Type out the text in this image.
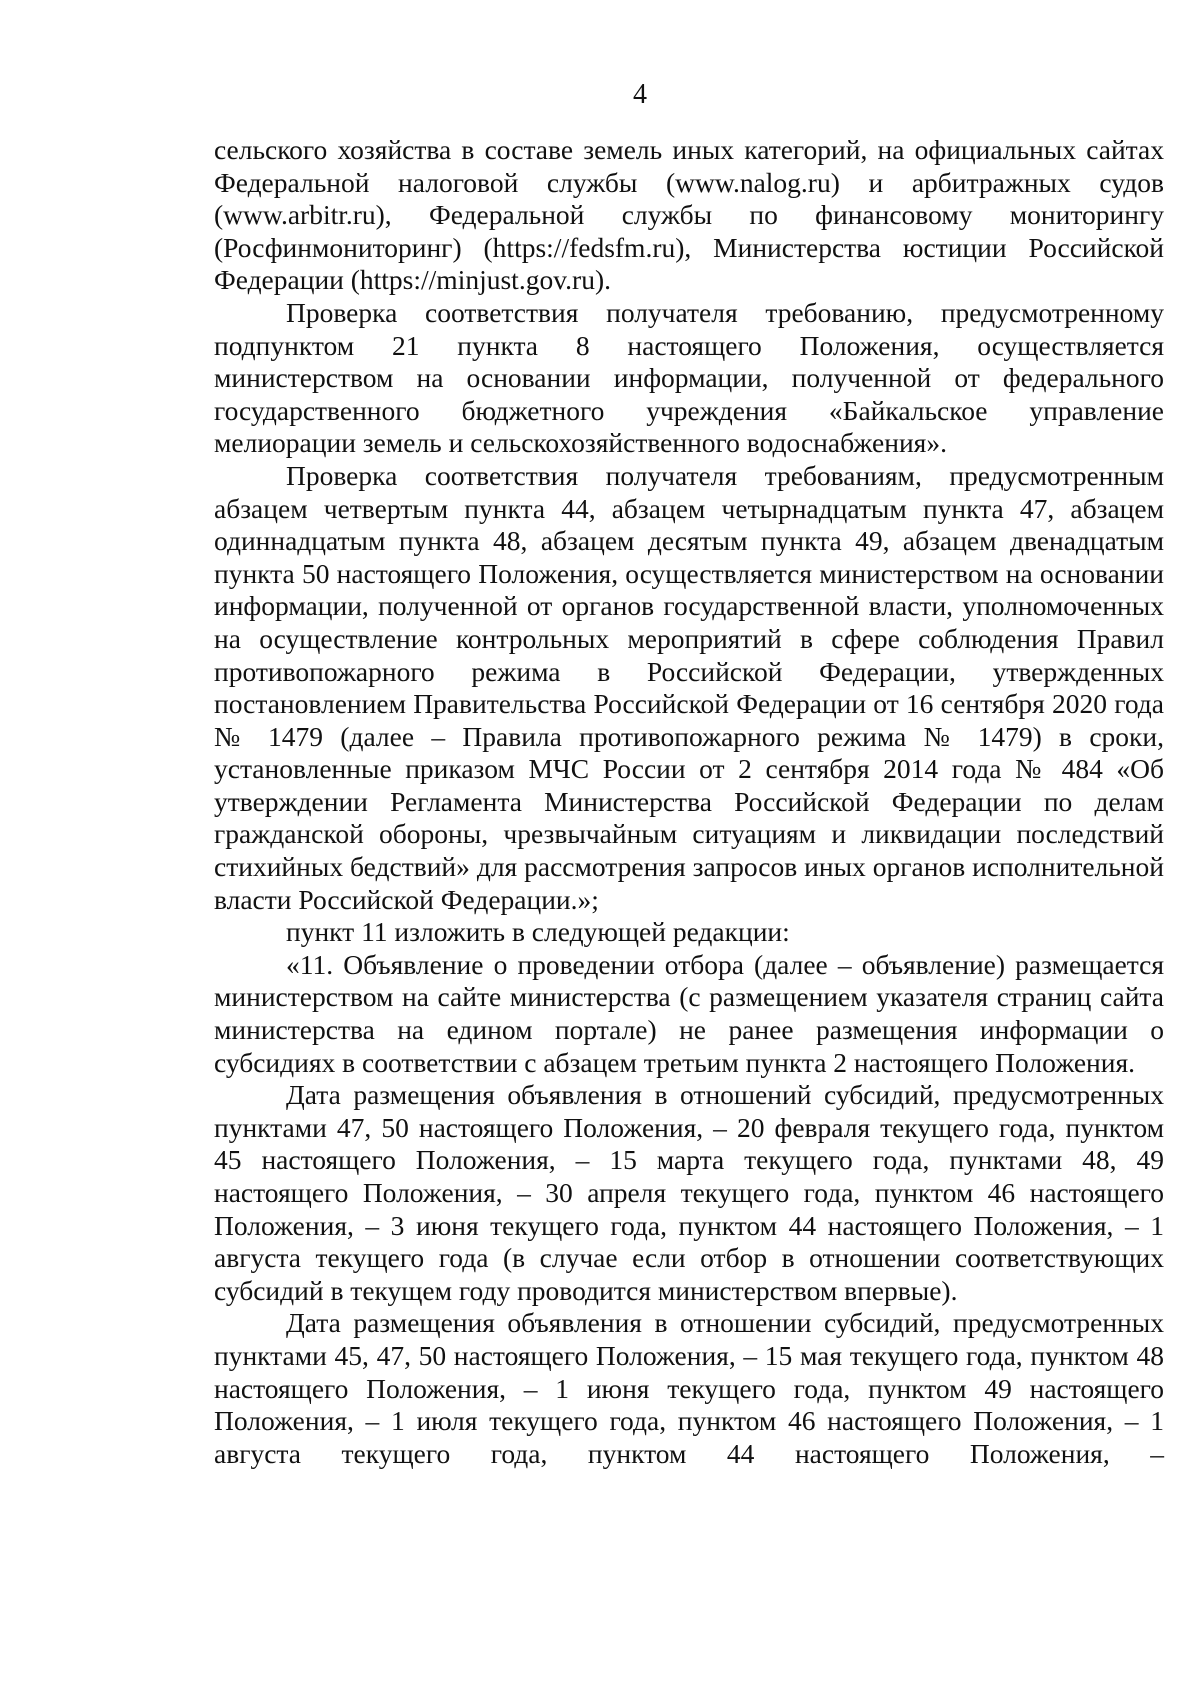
4

сельского хозяйства в составе земель иных категорий, на официальных сайтах Федеральной налоговой службы (www.nalog.ru) и арбитражных судов (www.arbitr.ru), Федеральной службы по финансовому мониторингу (Росфинмониторинг) (https://fedsfm.ru), Министерства юстиции Российской Федерации (https://minjust.gov.ru).

Проверка соответствия получателя требованию, предусмотренному подпунктом 21 пункта 8 настоящего Положения, осуществляется министерством на основании информации, полученной от федерального государственного бюджетного учреждения «Байкальское управление мелиорации земель и сельскохозяйственного водоснабжения».

Проверка соответствия получателя требованиям, предусмотренным абзацем четвертым пункта 44, абзацем четырнадцатым пункта 47, абзацем одиннадцатым пункта 48, абзацем десятым пункта 49, абзацем двенадцатым пункта 50 настоящего Положения, осуществляется министерством на основании информации, полученной от органов государственной власти, уполномоченных на осуществление контрольных мероприятий в сфере соблюдения Правил противопожарного режима в Российской Федерации, утвержденных постановлением Правительства Российской Федерации от 16 сентября 2020 года № 1479 (далее – Правила противопожарного режима № 1479) в сроки, установленные приказом МЧС России от 2 сентября 2014 года № 484 «Об утверждении Регламента Министерства Российской Федерации по делам гражданской обороны, чрезвычайным ситуациям и ликвидации последствий стихийных бедствий» для рассмотрения запросов иных органов исполнительной власти Российской Федерации.»;

пункт 11 изложить в следующей редакции:

«11. Объявление о проведении отбора (далее – объявление) размещается министерством на сайте министерства (с размещением указателя страниц сайта министерства на едином портале) не ранее размещения информации о субсидиях в соответствии с абзацем третьим пункта 2 настоящего Положения.

Дата размещения объявления в отношений субсидий, предусмотренных пунктами 47, 50 настоящего Положения, – 20 февраля текущего года, пунктом 45 настоящего Положения, – 15 марта текущего года, пунктами 48, 49 настоящего Положения, – 30 апреля текущего года, пунктом 46 настоящего Положения, – 3 июня текущего года, пунктом 44 настоящего Положения, – 1 августа текущего года (в случае если отбор в отношении соответствующих субсидий в текущем году проводится министерством впервые).

Дата размещения объявления в отношении субсидий, предусмотренных пунктами 45, 47, 50 настоящего Положения, – 15 мая текущего года, пунктом 48 настоящего Положения, – 1 июня текущего года, пунктом 49 настоящего Положения, – 1 июля текущего года, пунктом 46 настоящего Положения, – 1 августа текущего года, пунктом 44 настоящего Положения, –
